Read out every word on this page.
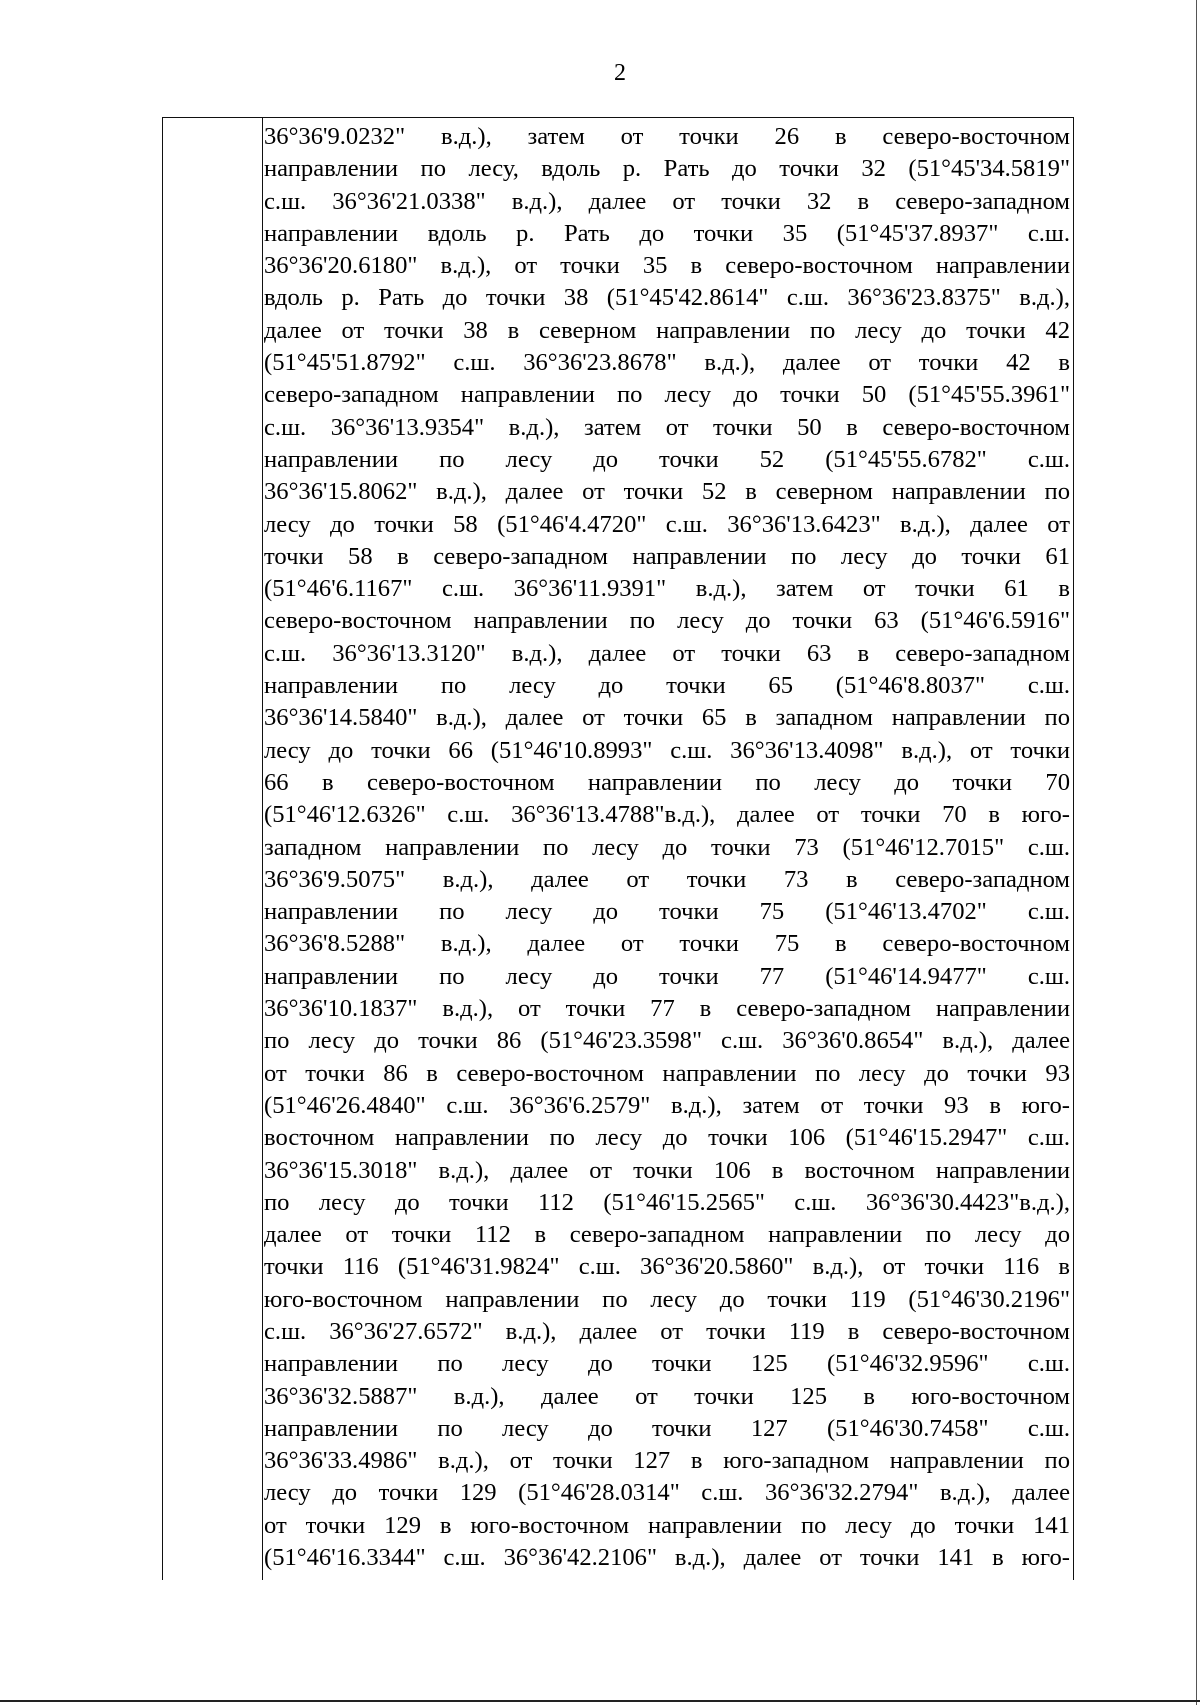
2
36°36'9.0232" в.д.), затем от точки 26 в северо-восточном
направлении по лесу, вдоль р. Рать до точки 32 (51°45'34.5819"
с.ш. 36°36'21.0338" в.д.), далее от точки 32 в северо-западном
направлении вдоль р. Рать до точки 35 (51°45'37.8937" с.ш.
36°36'20.6180" в.д.), от точки 35 в северо-восточном направлении
вдоль р. Рать до точки 38 (51°45'42.8614" с.ш. 36°36'23.8375" в.д.),
далее от точки 38 в северном направлении по лесу до точки 42
(51°45'51.8792" с.ш. 36°36'23.8678" в.д.), далее от точки 42 в
северо-западном направлении по лесу до точки 50 (51°45'55.3961"
с.ш. 36°36'13.9354" в.д.), затем от точки 50 в северо-восточном
направлении по лесу до точки 52 (51°45'55.6782" с.ш.
36°36'15.8062" в.д.), далее от точки 52 в северном направлении по
лесу до точки 58 (51°46'4.4720" с.ш. 36°36'13.6423" в.д.), далее от
точки 58 в северо-западном направлении по лесу до точки 61
(51°46'6.1167" с.ш. 36°36'11.9391" в.д.), затем от точки 61 в
северо-восточном направлении по лесу до точки 63 (51°46'6.5916"
с.ш. 36°36'13.3120" в.д.), далее от точки 63 в северо-западном
направлении по лесу до точки 65 (51°46'8.8037" с.ш.
36°36'14.5840" в.д.), далее от точки 65 в западном направлении по
лесу до точки 66 (51°46'10.8993" с.ш. 36°36'13.4098" в.д.), от точки
66 в северо-восточном направлении по лесу до точки 70
(51°46'12.6326" с.ш. 36°36'13.4788"в.д.), далее от точки 70 в юго-
западном направлении по лесу до точки 73 (51°46'12.7015" с.ш.
36°36'9.5075" в.д.), далее от точки 73 в северо-западном
направлении по лесу до точки 75 (51°46'13.4702" с.ш.
36°36'8.5288" в.д.), далее от точки 75 в северо-восточном
направлении по лесу до точки 77 (51°46'14.9477" с.ш.
36°36'10.1837" в.д.), от точки 77 в северо-западном направлении
по лесу до точки 86 (51°46'23.3598" с.ш. 36°36'0.8654" в.д.), далее
от точки 86 в северо-восточном направлении по лесу до точки 93
(51°46'26.4840" с.ш. 36°36'6.2579" в.д.), затем от точки 93 в юго-
восточном направлении по лесу до точки 106 (51°46'15.2947" с.ш.
36°36'15.3018" в.д.), далее от точки 106 в восточном направлении
по лесу до точки 112 (51°46'15.2565" с.ш. 36°36'30.4423"в.д.),
далее от точки 112 в северо-западном направлении по лесу до
точки 116 (51°46'31.9824" с.ш. 36°36'20.5860" в.д.), от точки 116 в
юго-восточном направлении по лесу до точки 119 (51°46'30.2196"
с.ш. 36°36'27.6572" в.д.), далее от точки 119 в северо-восточном
направлении по лесу до точки 125 (51°46'32.9596" с.ш.
36°36'32.5887" в.д.), далее от точки 125 в юго-восточном
направлении по лесу до точки 127 (51°46'30.7458" с.ш.
36°36'33.4986" в.д.), от точки 127 в юго-западном направлении по
лесу до точки 129 (51°46'28.0314" с.ш. 36°36'32.2794" в.д.), далее
от точки 129 в юго-восточном направлении по лесу до точки 141
(51°46'16.3344" с.ш. 36°36'42.2106" в.д.), далее от точки 141 в юго-
